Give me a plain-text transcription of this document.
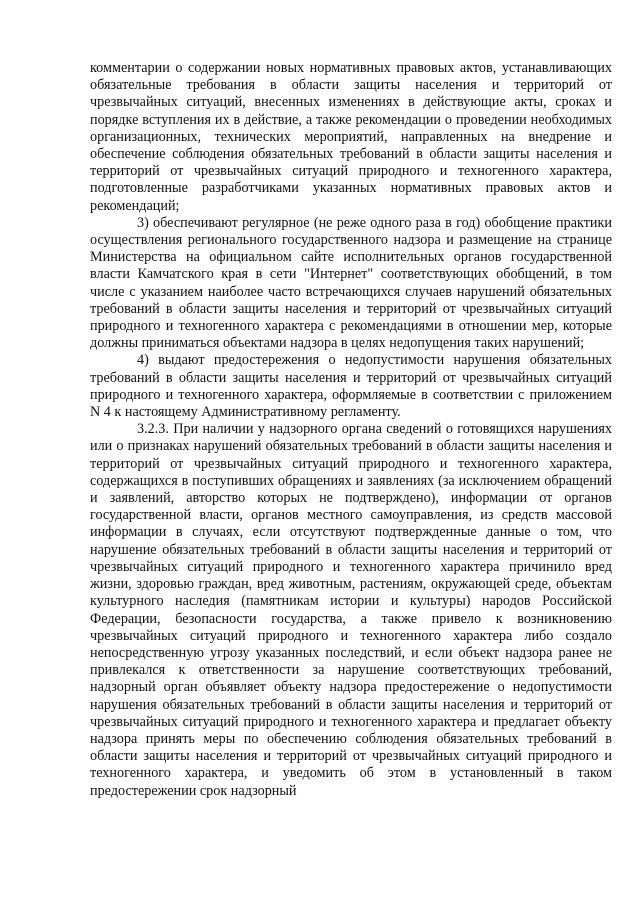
комментарии о содержании новых нормативных правовых актов, устанавливающих обязательные требования в области защиты населения и территорий от чрезвычайных ситуаций, внесенных изменениях в действующие акты, сроках и порядке вступления их в действие, а также рекомендации о проведении необходимых организационных, технических мероприятий, направленных на внедрение и обеспечение соблюдения обязательных требований в области защиты населения и территорий от чрезвычайных ситуаций природного и техногенного характера, подготовленные разработчиками указанных нормативных правовых актов и рекомендаций;

3) обеспечивают регулярное (не реже одного раза в год) обобщение практики осуществления регионального государственного надзора и размещение на странице Министерства на официальном сайте исполнительных органов государственной власти Камчатского края в сети "Интернет" соответствующих обобщений, в том числе с указанием наиболее часто встречающихся случаев нарушений обязательных требований в области защиты населения и территорий от чрезвычайных ситуаций природного и техногенного характера с рекомендациями в отношении мер, которые должны приниматься объектами надзора в целях недопущения таких нарушений;

4) выдают предостережения о недопустимости нарушения обязательных требований в области защиты населения и территорий от чрезвычайных ситуаций природного и техногенного характера, оформляемые в соответствии с приложением N 4 к настоящему Административному регламенту.

3.2.3. При наличии у надзорного органа сведений о готовящихся нарушениях или о признаках нарушений обязательных требований в области защиты населения и территорий от чрезвычайных ситуаций природного и техногенного характера, содержащихся в поступивших обращениях и заявлениях (за исключением обращений и заявлений, авторство которых не подтверждено), информации от органов государственной власти, органов местного самоуправления, из средств массовой информации в случаях, если отсутствуют подтвержденные данные о том, что нарушение обязательных требований в области защиты населения и территорий от чрезвычайных ситуаций природного и техногенного характера причинило вред жизни, здоровью граждан, вред животным, растениям, окружающей среде, объектам культурного наследия (памятникам истории и культуры) народов Российской Федерации, безопасности государства, а также привело к возникновению чрезвычайных ситуаций природного и техногенного характера либо создало непосредственную угрозу указанных последствий, и если объект надзора ранее не привлекался к ответственности за нарушение соответствующих требований, надзорный орган объявляет объекту надзора предостережение о недопустимости нарушения обязательных требований в области защиты населения и территорий от чрезвычайных ситуаций природного и техногенного характера и предлагает объекту надзора принять меры по обеспечению соблюдения обязательных требований в области защиты населения и территорий от чрезвычайных ситуаций природного и техногенного характера, и уведомить об этом в установленный в таком предостережении срок надзорный
